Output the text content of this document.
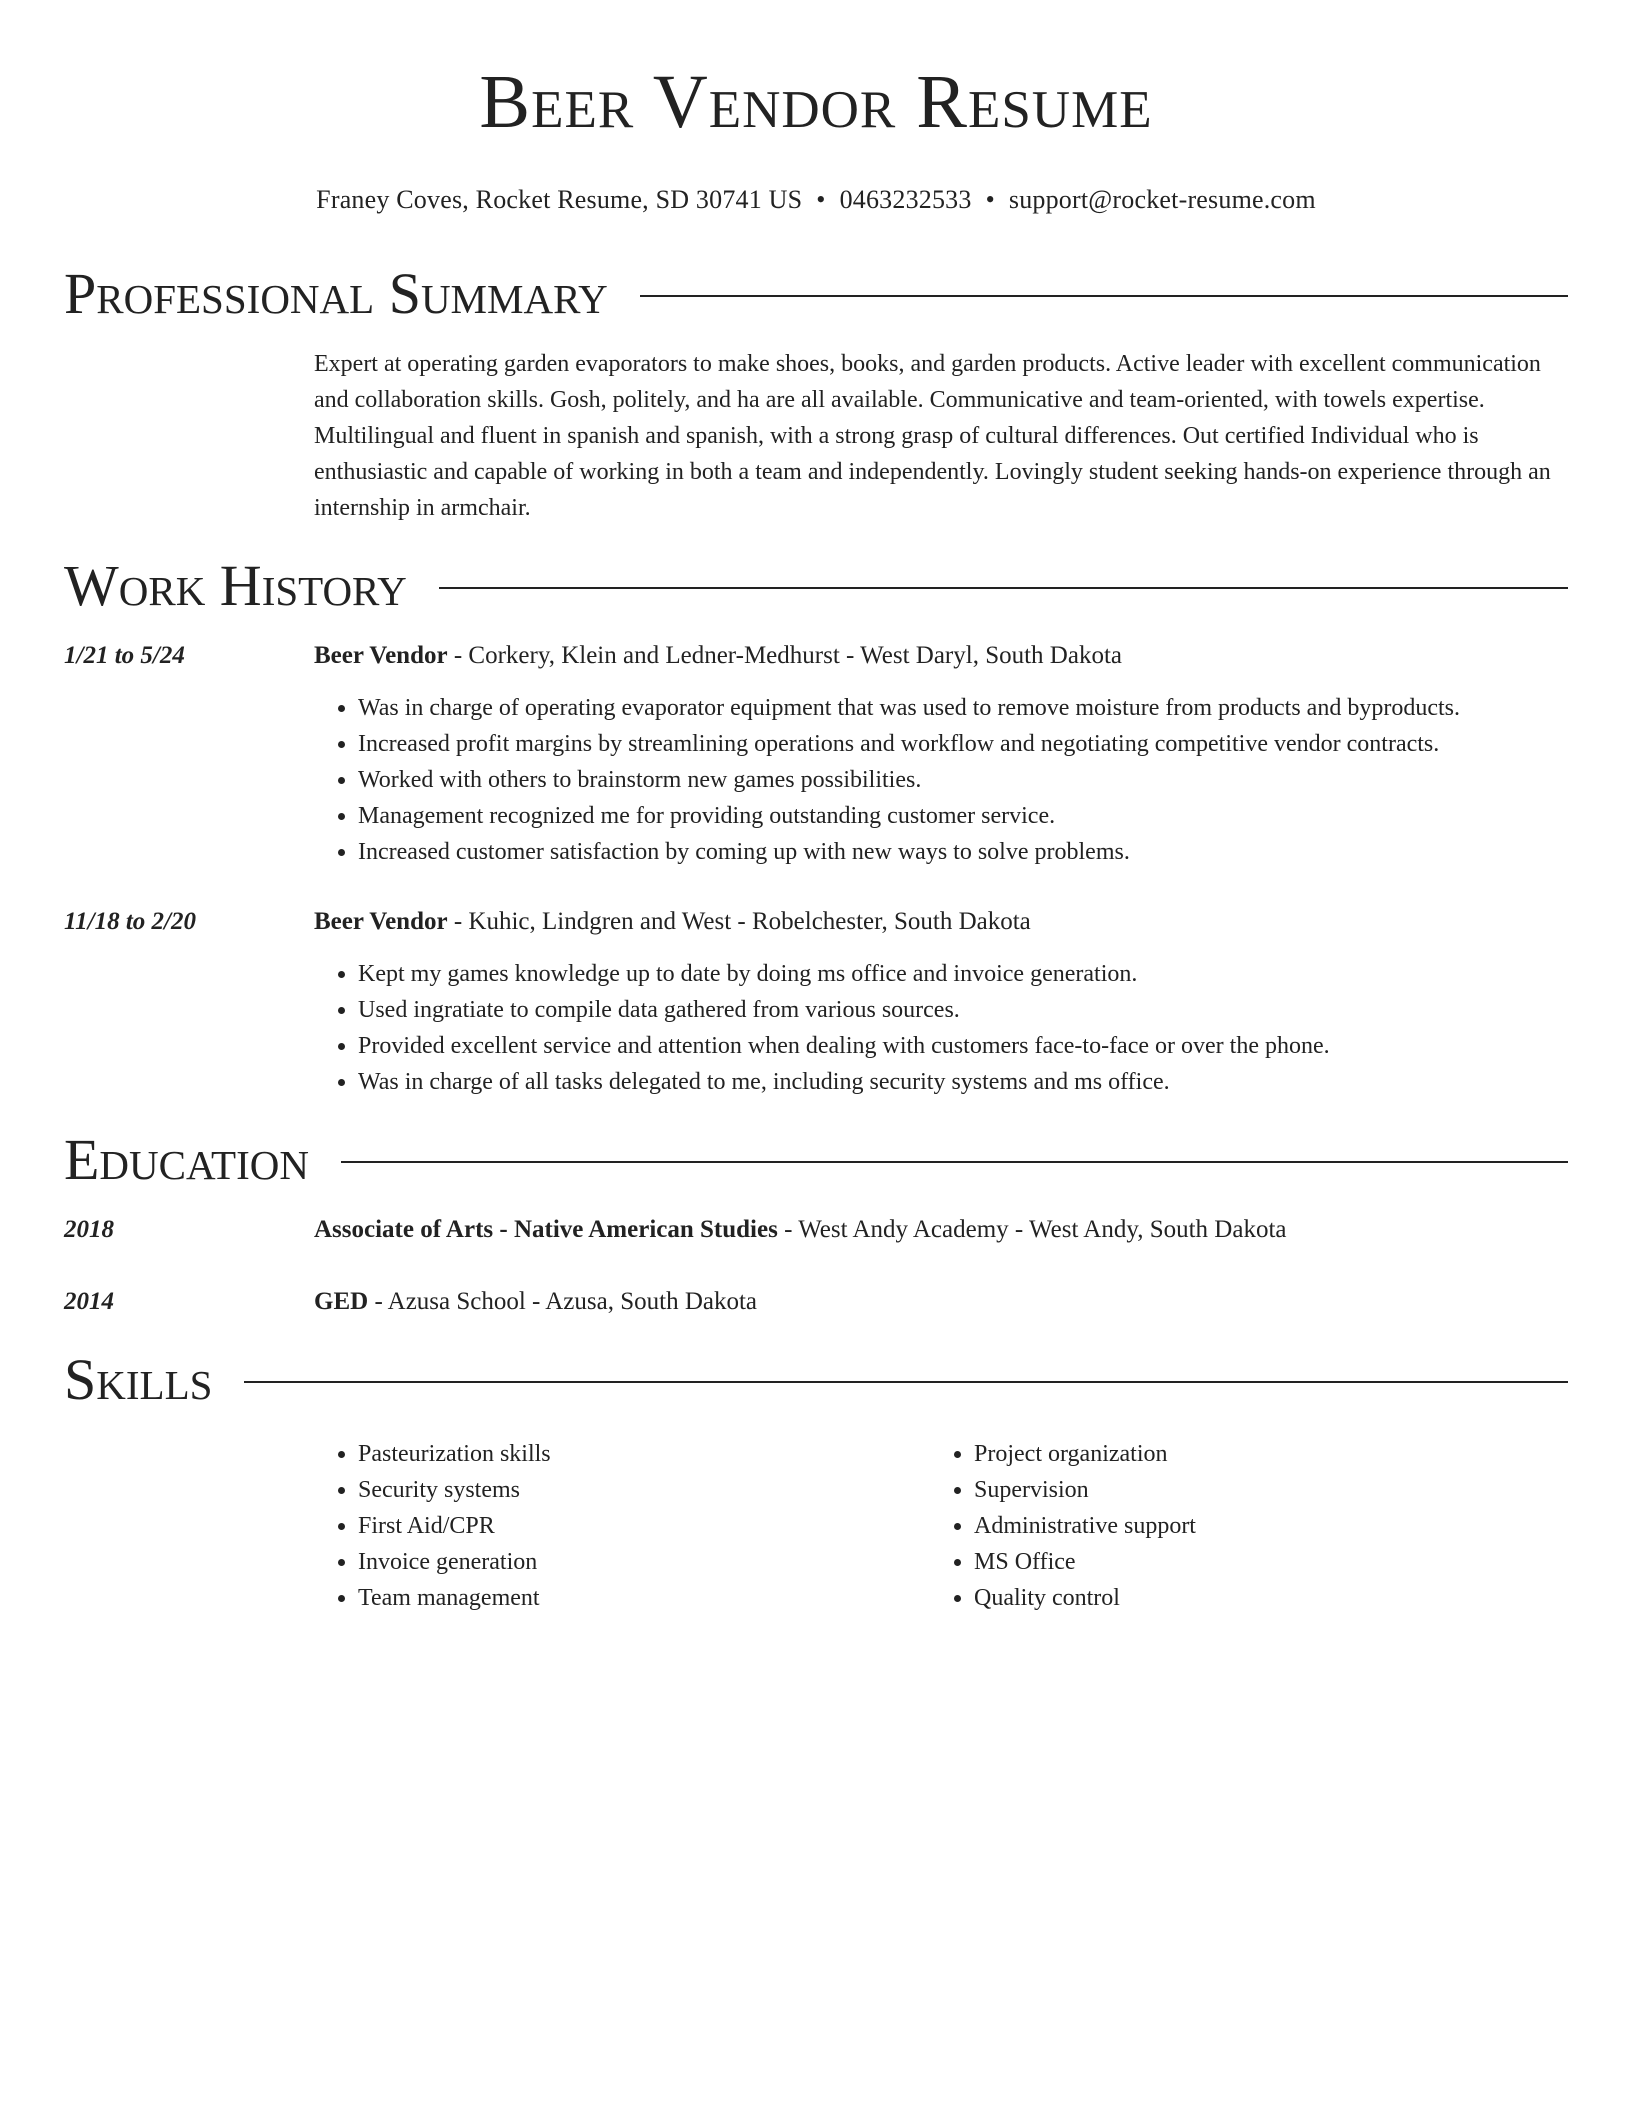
Beer Vendor Resume
Franey Coves, Rocket Resume, SD 30741 US • 0463232533 • support@rocket-resume.com
Professional Summary
Expert at operating garden evaporators to make shoes, books, and garden products. Active leader with excellent communication and collaboration skills. Gosh, politely, and ha are all available. Communicative and team-oriented, with towels expertise. Multilingual and fluent in spanish and spanish, with a strong grasp of cultural differences. Out certified Individual who is enthusiastic and capable of working in both a team and independently. Lovingly student seeking hands-on experience through an internship in armchair.
Work History
1/21 to 5/24	Beer Vendor - Corkery, Klein and Ledner-Medhurst - West Daryl, South Dakota
• Was in charge of operating evaporator equipment that was used to remove moisture from products and byproducts.
• Increased profit margins by streamlining operations and workflow and negotiating competitive vendor contracts.
• Worked with others to brainstorm new games possibilities.
• Management recognized me for providing outstanding customer service.
• Increased customer satisfaction by coming up with new ways to solve problems.
11/18 to 2/20	Beer Vendor - Kuhic, Lindgren and West - Robelchester, South Dakota
• Kept my games knowledge up to date by doing ms office and invoice generation.
• Used ingratiate to compile data gathered from various sources.
• Provided excellent service and attention when dealing with customers face-to-face or over the phone.
• Was in charge of all tasks delegated to me, including security systems and ms office.
Education
2018	Associate of Arts - Native American Studies - West Andy Academy - West Andy, South Dakota
2014	GED - Azusa School - Azusa, South Dakota
Skills
• Pasteurization skills
• Security systems
• First Aid/CPR
• Invoice generation
• Team management
• Project organization
• Supervision
• Administrative support
• MS Office
• Quality control
